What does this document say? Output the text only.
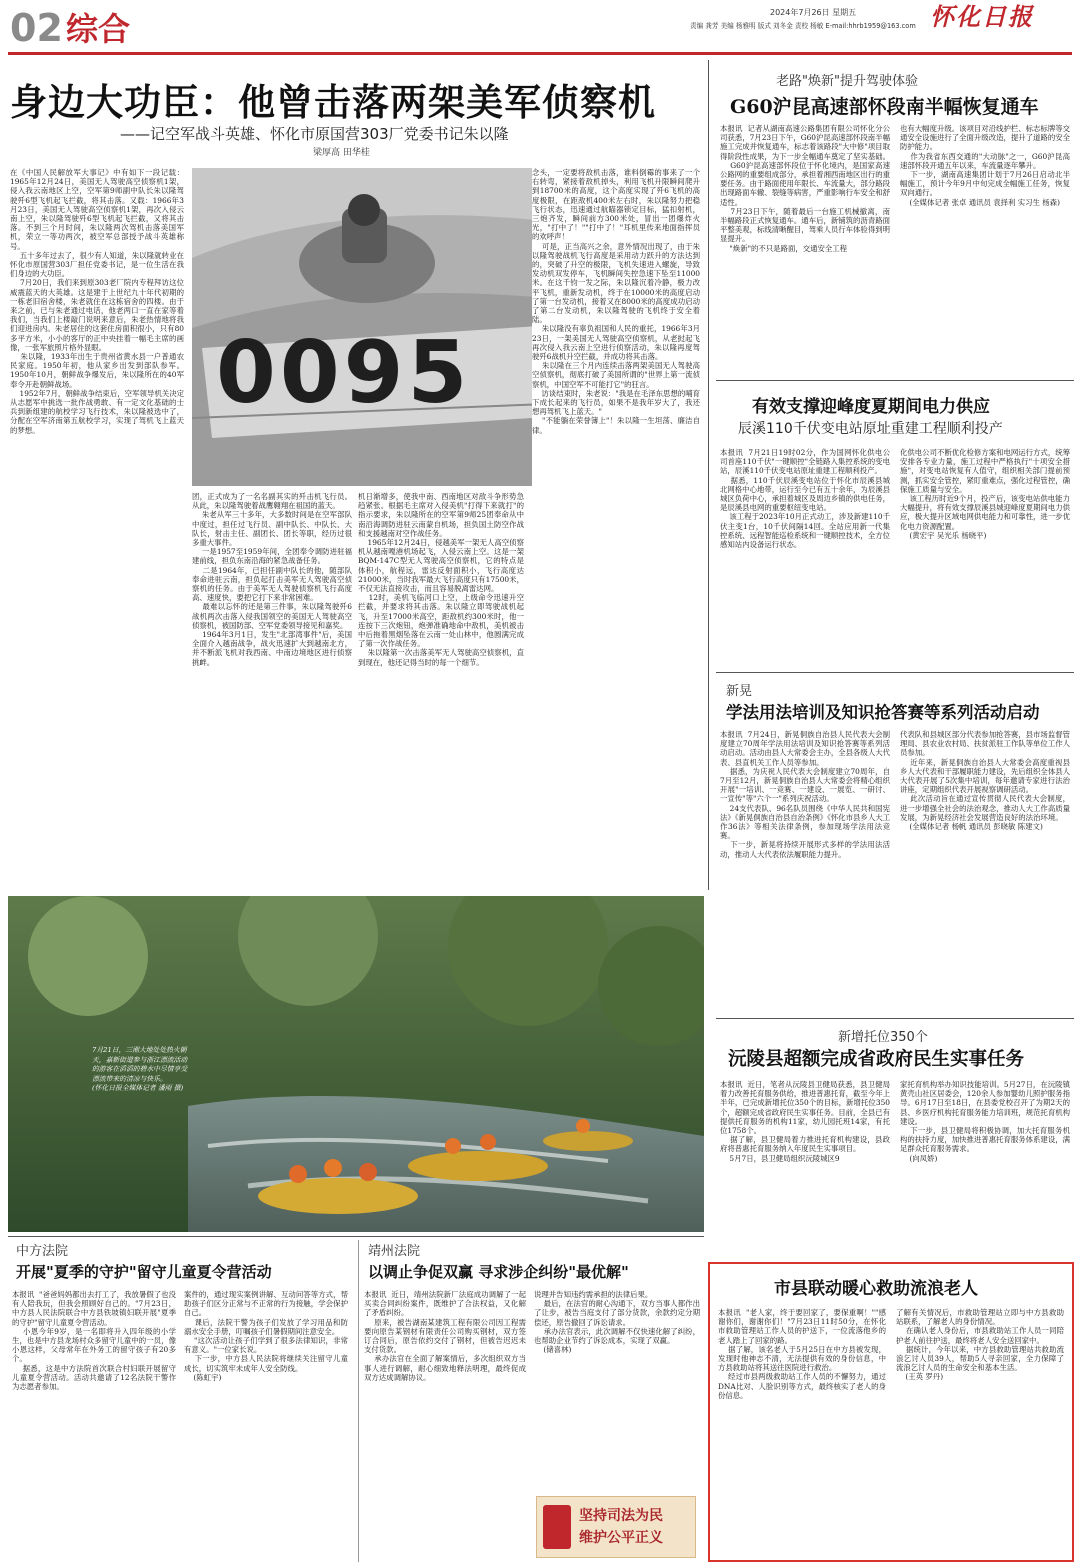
02 综合	2024年7月26日 星期五
责编 龚芳 美编 杨雅明 版式 刘冬金 责校 杨敏 E-mail:hhrb1959@163.com 怀化日报
身边大功臣：他曾击落两架美军侦察机
——记空军战斗英雄、怀化市原国营303厂党委书记朱以隆
梁厚高 田华桂
在《中国人民解放军大事记》中有如下一段记载：1965年12月24日，美国无人驾驶高空侦察机1架，侵入我云南地区上空，空军第9师副中队长朱以隆驾驶歼6型飞机起飞拦截，将其击落。又载：1966年3月23日，美国无人驾驶高空侦察机1架，再次入侵云南上空，朱以隆驾驶歼6型飞机起飞拦截，又将其击落。不到三个月时间，朱以隆两次驾机击落美国军机，荣立一等功两次，被空军总部授予战斗英雄称号。
五十多年过去了，很少有人知道，朱以隆就转业在怀化市原国营303厂担任党委书记，是一位生活在我们身边的大功臣。
7月20日，我们来到原303老厂院内专程拜访这位威震蓝天的大英雄。这是建于上世纪九十年代初期的一栋老旧宿舍楼，朱老就住在这栋宿舍的四楼。由于来之前，已与朱老通过电话，他老两口一直在家等着我们，当我们上楼敲门说明来意后，朱老热情地将我们迎进房内。朱老居住的这套住房面积很小，只有80多平方米，小小的客厅的正中央挂着一幅毛主席的画像，一张军旅照片格外显眼。
朱以隆，1933年出生于贵州省黄水县一户普通农民家庭。1950年初，他从家乡出发到部队参军。1950年10月，朝鲜战争爆发后，朱以隆所在的40军奉令开赴朝鲜战场。
1952年7月，朝鲜战争结束后，空军领导机关决定从志愿军中挑选一批作战勇敢、有一定文化基础的士兵到新组建的航校学习飞行技术，朱以隆被选中了，分配在空军济南第五航校学习，实现了驾机飞上蓝天的梦想。
0095
团，正式成为了一名名副其实的歼击机飞行员。从此，朱以隆驾驶着战鹰翱翔在祖国的蓝天。
朱老从军三十多年，大多数时间是在空军部队中度过，担任过飞行员、副中队长、中队长、大队长，射击主任、副团长、团长等职，经历过很多重大事件。
一是1957至1959年间，全团奉令调防进驻福建前线，担负东南沿海的紧急战备任务。
二是1964年，已担任副中队长的他，随部队奉命进驻云南，担负起打击美军无人驾驶高空侦察机的任务。由于美军无人驾驶侦察机飞行高度高、速度快，要把它打下来非常困难。
最难以忘怀的还是第三件事，朱以隆驾驶歼6战机两次击落入侵我国领空的美国无人驾驶高空侦察机，被国防部、空军党委领导接见和嘉奖。
1964年3月1日，发生"北部湾事件"后，美国全面介入越南战争，战火迅速扩大到越南北方，并不断派飞机对我西南、中南边境地区进行侦察挑衅。
机日渐增多，使我中南、西南地区对敌斗争形势急趋紧张。根据毛主席对入侵美机"打得下来就打"的指示要求，朱以隆所在的空军第9师25团奉命从中南沿海调防进驻云南蒙自机场，担负国土防空作战和支援越南对空作战任务。
1965年12月24日，侵越美军一架无人高空侦察机从越南嘎港机场起飞，入侵云南上空。这是一架BQM-147C型无人驾驶高空侦察机，它的特点是体积小，航程远，雷达反射面积小，飞行高度达21000米，当时我军最大飞行高度只有17500米，不仅无法直接攻击，而且容易脱离雷达网。
12时，美机飞临河口上空，上级命令迅速升空拦截，并要求将其击落。朱以隆立即驾驶战机起飞，升至17000米高空，距敌机约300米时，他一连按下三次炮钮，炮弹准确地命中敌机，美机被击中后拖着黑烟坠落在云南一处山林中，他圆满完成了第一次作战任务。
朱以隆第一次击落美军无人驾驶高空侦察机，直到现在，他还记得当时的每一个细节。
念头，一定要将敌机击落，谁料倒霉的事来了一个右转弯，紧接着敌机掉头，利用飞机升限瞬间爬升到18700米的高度，这个高度实现了歼6飞机的高度极限，在距敌机400米左右时，朱以隆努力把稳飞行状态，迅速通过航瞄器锁定目标，猛扣射机，三炮齐发，瞬间前方300米处，冒出一团爆炸火光，"打中了！""打中了！"耳机里传来地面指挥员的欢呼声！
可是，正当高兴之余，意外情况出现了，由于朱以隆驾驶战机飞行高度是采用动力跃升的方法达到的，突破了升空的极限，飞机失速进入螺旋，导致发动机双发停车，飞机瞬间失控急速下坠至11000米。在这千钧一发之际，朱以隆沉着冷静，极力改平飞机，重新发动机，终于在10000米的高度启动了第一台发动机，接着又在8000米的高度成功启动了第二台发动机，朱以隆驾驶的飞机终于安全着陆。
朱以隆没有辜负祖国和人民的重托，1966年3月23日，一架美国无人驾驶高空侦察机，从老挝起飞再次侵入我云南上空进行侦察活动，朱以隆再度驾驶歼6战机升空拦截，并成功将其击落。
朱以隆在三个月内连续击落两架美国无人驾驶高空侦察机，彻底打破了美国所谓的"世界上第一流侦察机，中国空军不可能打它"的狂言。
访谈结束时，朱老说："我是在毛泽东思想的哺育下成长起来的飞行员，如果不是我年岁大了，我还想再驾机飞上蓝天。"
"不能躺在荣誉簿上"！朱以隆一生坦荡、廉洁自律。
老路"焕新"提升驾驶体验
G60沪昆高速部怀段南半幅恢复通车
本报讯  记者从湖南高速公路集团有限公司怀化分公司获悉，7月23日下午，G60沪昆高速部怀段南半幅施工完成并恢复通车，标志着该路段"大中修"项目取得阶段性成果，为下一步全幅通车奠定了坚实基础。
G60沪昆高速部怀段位于怀化境内，是国家高速公路网的重要组成部分，承担着湘西南地区出行的重要任务。由于路面使用年限长、车流量大，部分路段出现路面车辙、裂缝等病害，严重影响行车安全和舒适性。
7月23日下午，随着最后一台施工机械撤离，南半幅路段正式恢复通车。通车后，新铺筑的沥青路面平整美观，标线清晰醒目，驾乘人员行车体验得到明显提升。
"焕新"的不只是路面，交通安全工程
也有大幅度升级。该项目对沿线护栏、标志标牌等交通安全设施进行了全面升级改造，提升了道路的安全防护能力。
作为我省东西交通的"大动脉"之一，G60沪昆高速部怀段开通五年以来，车流量逐年攀升。
下一步，湖南高速集团计划于7月26日启动北半幅施工，预计今年9月中旬完成全幅施工任务，恢复双向通行。
(全媒体记者 张卓 通讯员 袁择利 实习生 杨森)
有效支撑迎峰度夏期间电力供应
辰溪110千伏变电站原址重建工程顺利投产
本报讯  7月21日19时02分，作为国网怀化供电公司首座110千伏"一键顺控"全链路入集控系统的变电站，辰溪110千伏变电站原址重建工程顺利投产。
据悉，110千伏辰溪变电站位于怀化市辰溪县城北网格中心地带，运行至今已有五十余年，为辰溪县城区负荷中心，承担着城区及周边乡镇的供电任务，是辰溪县电网的重要枢纽变电站。
该工程于2023年10月正式动工，涉及新建110千伏主变1台，10千伏间隔14回。全站应用新一代集控系统、远程智能巡检系统和一键顺控技术，全方位感知站内设备运行状态。
化供电公司不断优化检修方案和电网运行方式，统筹安排各专业力量，施工过程中严格执行"十项安全措施"，对变电站恢复有人值守，组织相关部门提前预测，抓实安全管控，紧盯重难点，强化过程管控，确保施工质量与安全。
该工程历时近9个月，投产后，该变电站供电能力大幅提升，将有效支撑辰溪县城迎峰度夏期间电力供应，极大提升区域电网供电能力和可靠性，进一步优化电力资源配置。
(黄宏宇 吴光乐 杨晓平)
新晃
学法用法培训及知识抢答赛等系列活动启动
本报讯  7月24日，新晃侗族自治县人民代表大会制度建立70周年学法用法培训及知识抢答赛等系列活动启动。活动由县人大常委会主办，全县各级人大代表、县直机关工作人员等参加。
据悉，为庆祝人民代表大会制度建立70周年，自7月至12月，新晃侗族自治县人大常委会将精心组织开展"一培训、一竞赛、一建设、一展览、一研讨、一宣传"等"六个一"系列庆祝活动。
24支代表队、96名队员围绕《中华人民共和国宪法》《新晃侗族自治县自治条例》《怀化市县乡人大工作36法》等相关法律条例，参加现场学法用法竞赛。
下一步，新晃将持续开展形式多样的学法用法活动，推动人大代表依法履职能力提升。
代表队和县城区部分代表参加抢答赛，县市场监督管理局、县农业农村局、扶贫派驻工作队等单位工作人员参加。
近年来，新晃侗族自治县人大常委会高度重视县乡人大代表和干部履职能力建设，先后组织全体县人大代表开展了5次集中培训，每年邀请专家进行法治讲座，定期组织代表开展视察调研活动。
此次活动旨在通过宣传贯彻人民代表大会制度，进一步增强全社会的法治观念，推动人大工作高质量发展，为新晃经济社会发展营造良好的法治环境。
(全媒体记者 杨帆 通讯员 彭晓敏 陈建文)
新增托位350个
沅陵县超额完成省政府民生实事任务
本报讯  近日，笔者从沅陵县卫健局获悉，县卫健局着力改善托育服务供给，推进普惠托育，截至今年上半年，已完成新增托位350个的目标，新增托位350个，超额完成省政府民生实事任务。目前，全县已有提供托育服务的机构11家，幼儿园托班14家，有托位1758个。
据了解，县卫健局着力推进托育机构建设，县政府将普惠托育服务纳入年度民生实事项目。
5月7日，县卫健局组织沅陵城区9
家托育机构举办知识技能培训。5月27日，在沅陵镇黄壳山社区居委会，120余人参加婴幼儿照护服务指导。6月17日至18日，在县委党校召开了为期2天的县、乡医疗机构托育服务能力培训班，规范托育机构建设。
下一步，县卫健局将积极协调，加大托育服务机构的扶持力度，加快推进普惠托育服务体系建设，满足群众托育服务需求。
(向凤娇)
7月21日，三湘大地处处热火朝天，嘉新街道参与浙江漂流活动的游客在滔滔的碧水中尽情享受漂流带来的清凉与快乐。
(怀化日报全媒体记者 潘雨 摄)
中方法院
开展"夏季的守护"留守儿童夏令营活动
本报讯  "爸爸妈妈都出去打工了，我放暑假了也没有人陪我玩，但我会照顾好自己的。"7月23日，中方县人民法院联合中方县铁坡镇妇联开展"夏季的守护"留守儿童夏令营活动。
小恩今年9岁，是一名即将升入四年级的小学生，也是中方县龙场村众多留守儿童中的一员，像小恩这样，父母常年在外务工的留守孩子有20多个。
据悉，这是中方法院首次联合村妇联开展留守儿童夏令营活动。活动共邀请了12名法院干警作为志愿者参加。
案件的，通过现实案例讲解、互动问答等方式，帮助孩子们区分正常与不正常的行为接触，学会保护自己。
课后，法院干警为孩子们发放了学习用品和防溺水安全手册，叮嘱孩子们暑假期间注意安全。
"这次活动让孩子们学到了很多法律知识，非常有意义。"一位家长说。
下一步，中方县人民法院将继续关注留守儿童成长，切实筑牢未成年人安全防线。
(陈虹宇)
靖州法院
以调止争促双赢 寻求涉企纠纷"最优解"
本报讯  近日，靖州法院新厂法庭成功调解了一起买卖合同纠纷案件，既维护了合法权益，又化解了矛盾纠纷。
原来，被告湖南某建筑工程有限公司因工程需要向原告某钢材有限责任公司购买钢材，双方签订合同后，原告依约交付了钢材，但被告迟迟未支付货款。
承办法官在全面了解案情后，多次组织双方当事人进行调解，耐心细致地释法明理，最终促成双方达成调解协议。
说理并告知违约需承担的法律后果。
最后，在法官的耐心沟通下，双方当事人都作出了让步，被告当庭支付了部分货款，余款约定分期偿还，原告撤回了诉讼请求。
承办法官表示，此次调解不仅快速化解了纠纷，也帮助企业节约了诉讼成本，实现了双赢。
(储喜林)
坚持司法为民
维护公平正义
市县联动暖心救助流浪老人
本报讯  "老人家，终于要回家了，要保重啊！""感谢你们，谢谢你们！"7月23日11时50分，在怀化市救助管理站工作人员的护送下，一位流落他乡的老人踏上了回家的路。
据了解，该名老人于5月25日在中方县被发现，发现时他神志不清，无法提供有效的身份信息，中方县救助站将其送往医院进行救治。
经过市县两级救助站工作人员的不懈努力，通过DNA比对、人脸识别等方式，最终核实了老人的身份信息。
了解有关情况后，市救助管理站立即与中方县救助站联系，了解老人的身份情况。
在确认老人身份后，市县救助站工作人员一同陪护老人前往护送，最终将老人安全送回家中。
据统计，今年以来，中方县救助管理站共救助流浪乞讨人员39人，帮助5人寻亲回家，全力保障了流浪乞讨人员的生命安全和基本生活。
(王英 罗丹)
